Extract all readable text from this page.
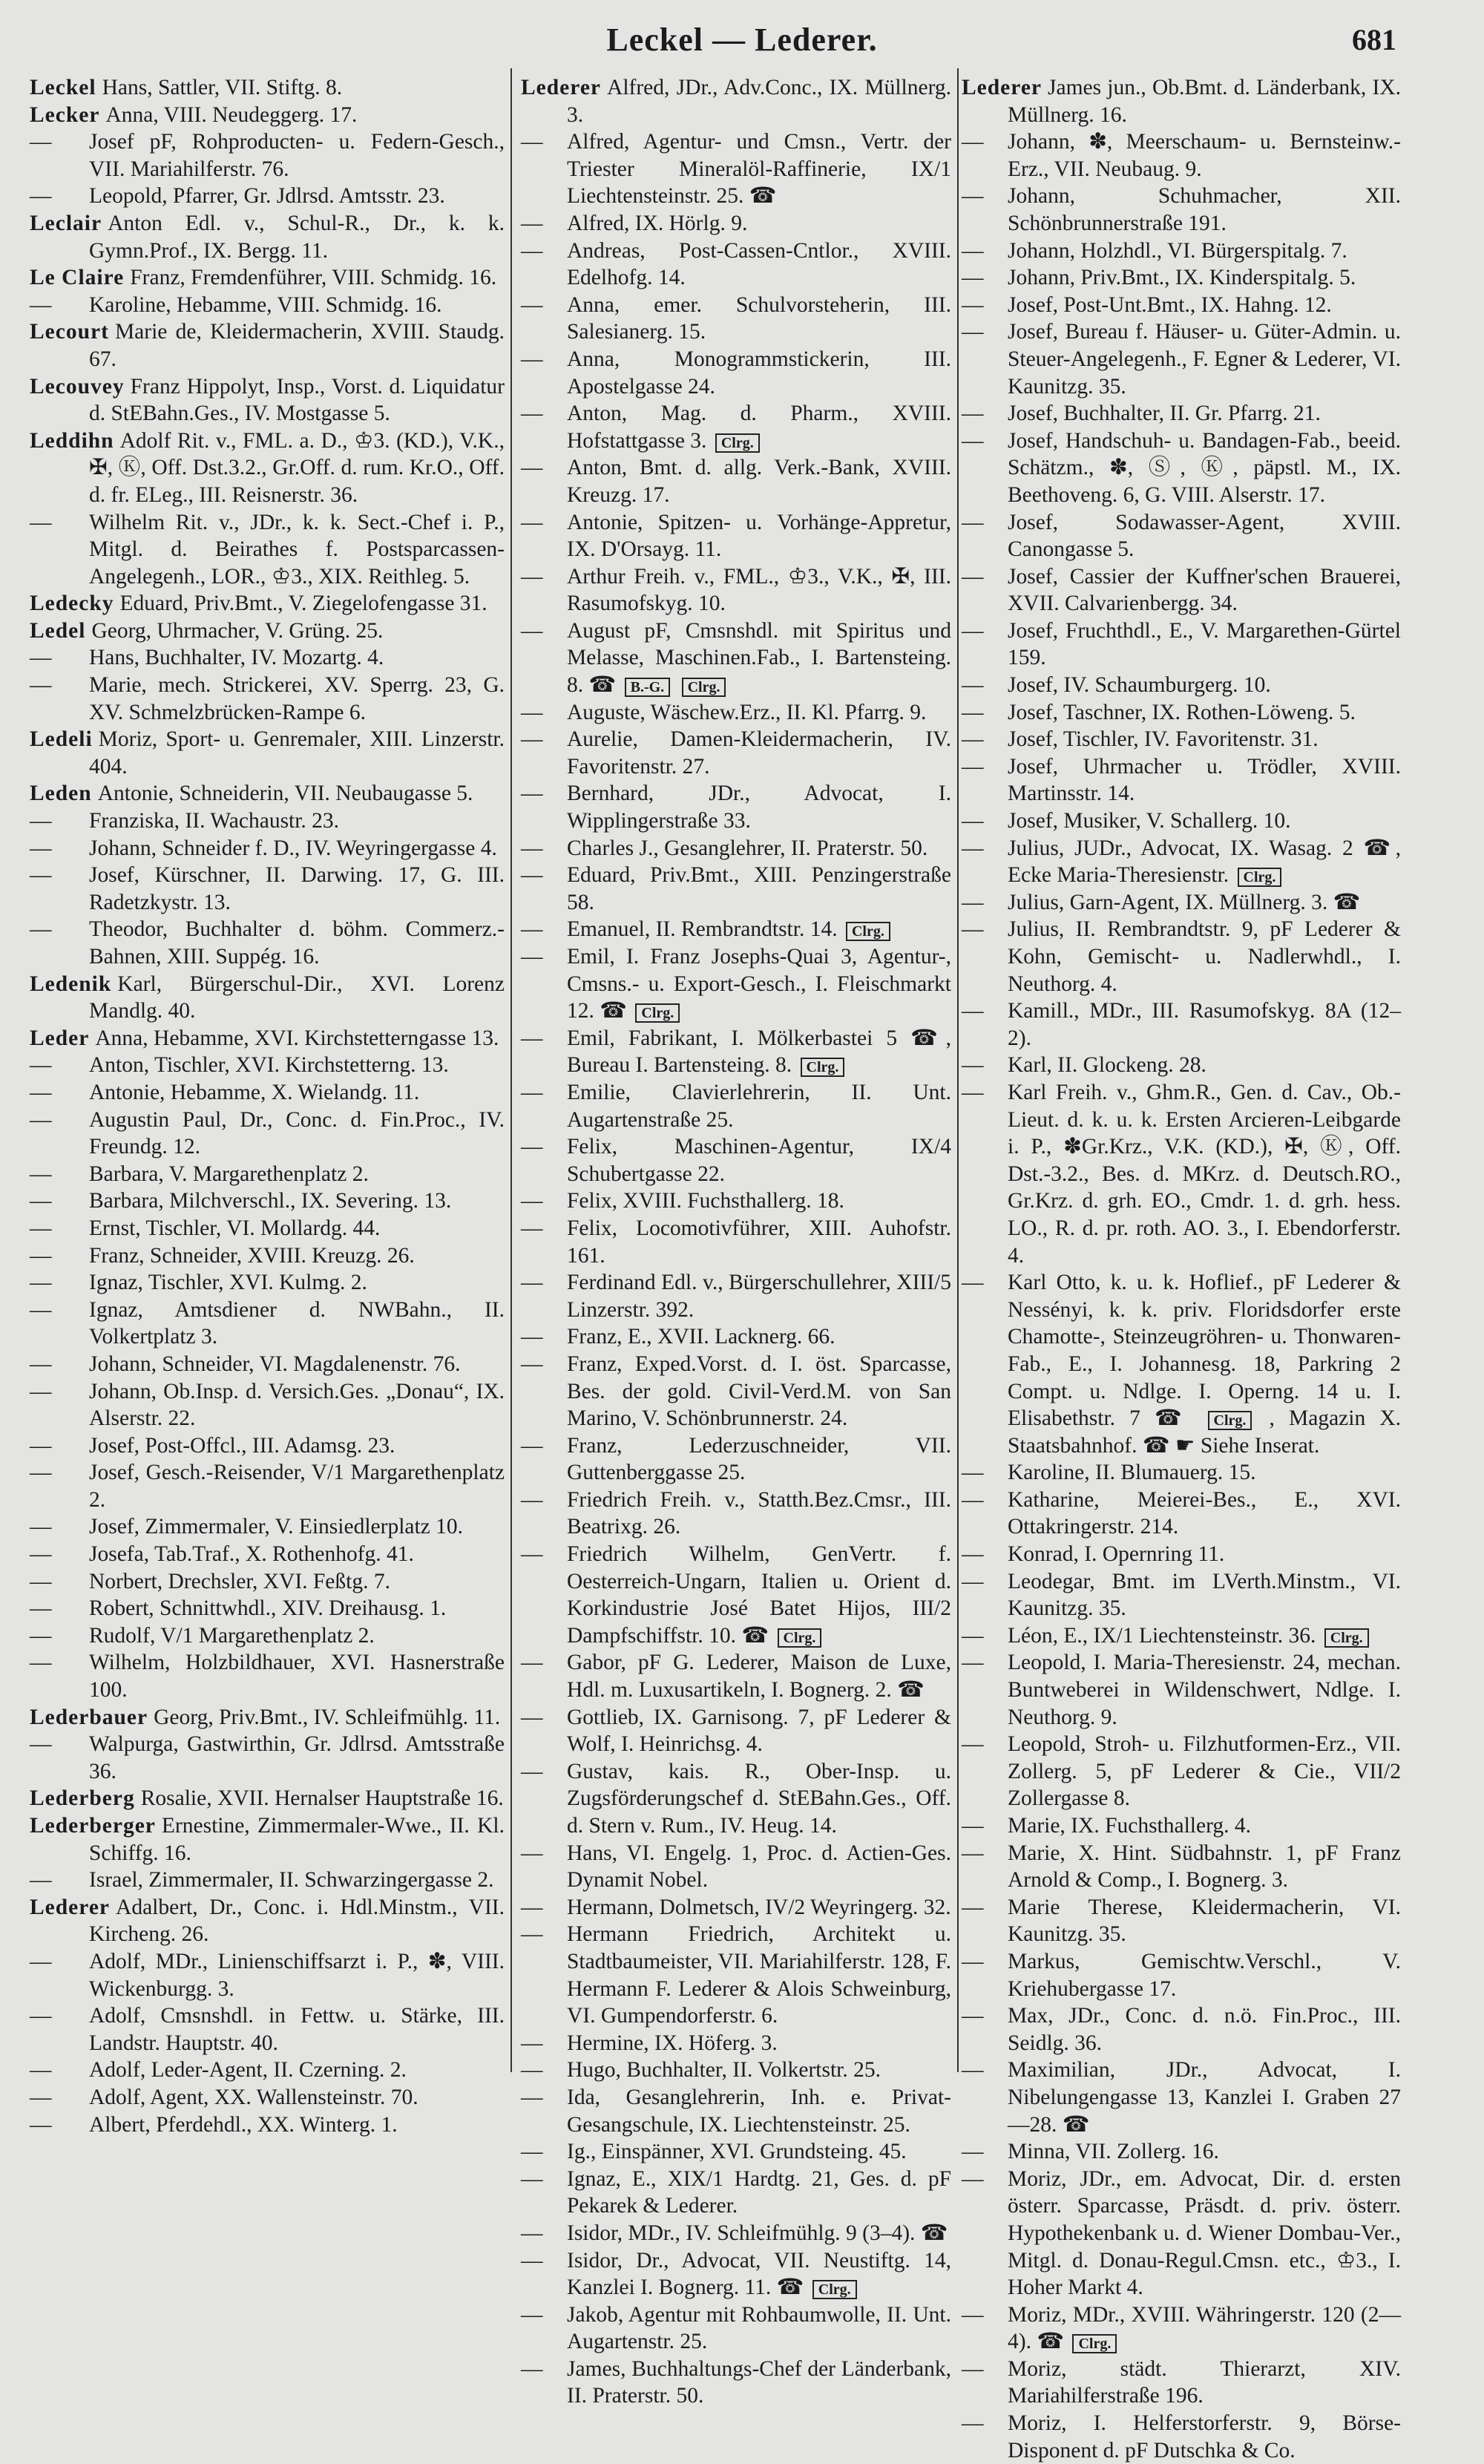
Leckel — Lederer.	681
Leckel Hans, Sattler, VII. Stiftg. 8.
Lecker Anna, VIII. Neudeggerg. 17.
— Josef pF, Rohproducten- u. Federn-Gesch., VII. Mariahilferstr. 76.
— Leopold, Pfarrer, Gr. Jdlrsd. Amtsstr. 23.
Leclair Anton Edl. v., Schul-R., Dr., k. k. Gymn.Prof., IX. Bergg. 11.
Le Claire Franz, Fremdenführer, VIII. Schmidg. 16.
— Karoline, Hebamme, VIII. Schmidg. 16.
Lecourt Marie de, Kleidermacherin, XVIII. Staudg. 67.
Lecouvey Franz Hippolyt, Insp., Vorst. d. Liquidatur d. StEBahn.Ges., IV. Mostgasse 5.
Leddihn Adolf Rit. v., FML. a. D., ♔3. (KD.), V.K., ✠, Ⓚ, Off. Dst.3.2., Gr.Off. d. rum. Kr.O., Off. d. fr. ELeg., III. Reisnerstr. 36.
— Wilhelm Rit. v., JDr., k. k. Sect.-Chef i. P., Mitgl. d. Beirathes f. Postsparcassen-Angelegenh., LOR., ♔3., XIX. Reithleg. 5.
Ledecky Eduard, Priv.Bmt., V. Ziegelofengasse 31.
Ledel Georg, Uhrmacher, V. Grüng. 25.
— Hans, Buchhalter, IV. Mozartg. 4.
— Marie, mech. Strickerei, XV. Sperrg. 23, G. XV. Schmelzbrücken-Rampe 6.
Ledeli Moriz, Sport- u. Genremaler, XIII. Linzerstr. 404.
Leden Antonie, Schneiderin, VII. Neubaugasse 5.
— Franziska, II. Wachaustr. 23.
— Johann, Schneider f. D., IV. Weyringergasse 4.
— Josef, Kürschner, II. Darwing. 17, G. III. Radetzkystr. 13.
— Theodor, Buchhalter d. böhm. Commerz.-Bahnen, XIII. Suppég. 16.
Ledenik Karl, Bürgerschul-Dir., XVI. Lorenz Mandlg. 40.
Leder Anna, Hebamme, XVI. Kirchstetterngasse 13.
— Anton, Tischler, XVI. Kirchstetterng. 13.
— Antonie, Hebamme, X. Wielandg. 11.
— Augustin Paul, Dr., Conc. d. Fin.Proc., IV. Freundg. 12.
— Barbara, V. Margarethenplatz 2.
— Barbara, Milchverschl., IX. Severing. 13.
— Ernst, Tischler, VI. Mollardg. 44.
— Franz, Schneider, XVIII. Kreuzg. 26.
— Ignaz, Tischler, XVI. Kulmg. 2.
— Ignaz, Amtsdiener d. NWBahn., II. Volkertplatz 3.
— Johann, Schneider, VI. Magdalenenstr. 76.
— Johann, Ob.Insp. d. Versich.Ges. „Donau“, IX. Alserstr. 22.
— Josef, Post-Offcl., III. Adamsg. 23.
— Josef, Gesch.-Reisender, V/1 Margarethenplatz 2.
— Josef, Zimmermaler, V. Einsiedlerplatz 10.
— Josefa, Tab.Traf., X. Rothenhofg. 41.
— Norbert, Drechsler, XVI. Feßtg. 7.
— Robert, Schnittwhdl., XIV. Dreihausg. 1.
— Rudolf, V/1 Margarethenplatz 2.
— Wilhelm, Holzbildhauer, XVI. Hasnerstraße 100.
Lederbauer Georg, Priv.Bmt., IV. Schleifmühlg. 11.
— Walpurga, Gastwirthin, Gr. Jdlrsd. Amtsstraße 36.
Lederberg Rosalie, XVII. Hernalser Hauptstraße 16.
Lederberger Ernestine, Zimmermaler-Wwe., II. Kl. Schiffg. 16.
— Israel, Zimmermaler, II. Schwarzingergasse 2.
Lederer Adalbert, Dr., Conc. i. Hdl.Minstm., VII. Kircheng. 26.
— Adolf, MDr., Linienschiffsarzt i. P., ✽, VIII. Wickenburgg. 3.
— Adolf, Cmsnshdl. in Fettw. u. Stärke, III. Landstr. Hauptstr. 40.
— Adolf, Leder-Agent, II. Czerning. 2.
— Adolf, Agent, XX. Wallensteinstr. 70.
— Albert, Pferdehdl., XX. Winterg. 1.
Lederer Alfred, JDr., Adv.Conc., IX. Müllnerg. 3.
— Alfred, Agentur- und Cmsn., Vertr. der Triester Mineralöl-Raffinerie, IX/1 Liechtensteinstr. 25. ☎
— Alfred, IX. Hörlg. 9.
— Andreas, Post-Cassen-Cntlor., XVIII. Edelhofg. 14.
— Anna, emer. Schulvorsteherin, III. Salesianerg. 15.
— Anna, Monogrammstickerin, III. Apostelgasse 24.
— Anton, Mag. d. Pharm., XVIII. Hofstattgasse 3. Clrg.
— Anton, Bmt. d. allg. Verk.-Bank, XVIII. Kreuzg. 17.
— Antonie, Spitzen- u. Vorhänge-Appretur, IX. D'Orsayg. 11.
— Arthur Freih. v., FML., ♔3., V.K., ✠, III. Rasumofskyg. 10.
— August pF, Cmsnshdl. mit Spiritus und Melasse, Maschinen.Fab., I. Bartensteing. 8. ☎ B.-G. Clrg.
— Auguste, Wäschew.Erz., II. Kl. Pfarrg. 9.
— Aurelie, Damen-Kleidermacherin, IV. Favoritenstr. 27.
— Bernhard, JDr., Advocat, I. Wipplingerstraße 33.
— Charles J., Gesanglehrer, II. Praterstr. 50.
— Eduard, Priv.Bmt., XIII. Penzingerstraße 58.
— Emanuel, II. Rembrandtstr. 14. Clrg.
— Emil, I. Franz Josephs-Quai 3, Agentur-, Cmsns.- u. Export-Gesch., I. Fleischmarkt 12. ☎ Clrg.
— Emil, Fabrikant, I. Mölkerbastei 5 ☎, Bureau I. Bartensteing. 8. Clrg.
— Emilie, Clavierlehrerin, II. Unt. Augartenstraße 25.
— Felix, Maschinen-Agentur, IX/4 Schubertgasse 22.
— Felix, XVIII. Fuchsthallerg. 18.
— Felix, Locomotivführer, XIII. Auhofstr. 161.
— Ferdinand Edl. v., Bürgerschullehrer, XIII/5 Linzerstr. 392.
— Franz, E., XVII. Lacknerg. 66.
— Franz, Exped.Vorst. d. I. öst. Sparcasse, Bes. der gold. Civil-Verd.M. von San Marino, V. Schönbrunnerstr. 24.
— Franz, Lederzuschneider, VII. Guttenberggasse 25.
— Friedrich Freih. v., Statth.Bez.Cmsr., III. Beatrixg. 26.
— Friedrich Wilhelm, GenVertr. f. Oesterreich-Ungarn, Italien u. Orient d. Korkindustrie José Batet Hijos, III/2 Dampfschiffstr. 10. ☎ Clrg.
— Gabor, pF G. Lederer, Maison de Luxe, Hdl. m. Luxusartikeln, I. Bognerg. 2. ☎
— Gottlieb, IX. Garnisong. 7, pF Lederer & Wolf, I. Heinrichsg. 4.
— Gustav, kais. R., Ober-Insp. u. Zugsförderungschef d. StEBahn.Ges., Off. d. Stern v. Rum., IV. Heug. 14.
— Hans, VI. Engelg. 1, Proc. d. Actien-Ges. Dynamit Nobel.
— Hermann, Dolmetsch, IV/2 Weyringerg. 32.
— Hermann Friedrich, Architekt u. Stadtbaumeister, VII. Mariahilferstr. 128, F. Hermann F. Lederer & Alois Schweinburg, VI. Gumpendorferstr. 6.
— Hermine, IX. Höferg. 3.
— Hugo, Buchhalter, II. Volkertstr. 25.
— Ida, Gesanglehrerin, Inh. e. Privat-Gesangschule, IX. Liechtensteinstr. 25.
— Ig., Einspänner, XVI. Grundsteing. 45.
— Ignaz, E., XIX/1 Hardtg. 21, Ges. d. pF Pekarek & Lederer.
— Isidor, MDr., IV. Schleifmühlg. 9 (3–4). ☎
— Isidor, Dr., Advocat, VII. Neustiftg. 14, Kanzlei I. Bognerg. 11. ☎ Clrg.
— Jakob, Agentur mit Rohbaumwolle, II. Unt. Augartenstr. 25.
— James, Buchhaltungs-Chef der Länderbank, II. Praterstr. 50.
Lederer James jun., Ob.Bmt. d. Länderbank, IX. Müllnerg. 16.
— Johann, ✽, Meerschaum- u. Bernsteinw.-Erz., VII. Neubaug. 9.
— Johann, Schuhmacher, XII. Schönbrunnerstraße 191.
— Johann, Holzhdl., VI. Bürgerspitalg. 7.
— Johann, Priv.Bmt., IX. Kinderspitalg. 5.
— Josef, Post-Unt.Bmt., IX. Hahng. 12.
— Josef, Bureau f. Häuser- u. Güter-Admin. u. Steuer-Angelegenh., F. Egner & Lederer, VI. Kaunitzg. 35.
— Josef, Buchhalter, II. Gr. Pfarrg. 21.
— Josef, Handschuh- u. Bandagen-Fab., beeid. Schätzm., ✽, Ⓢ, Ⓚ, päpstl. M., IX. Beethoveng. 6, G. VIII. Alserstr. 17.
— Josef, Sodawasser-Agent, XVIII. Canongasse 5.
— Josef, Cassier der Kuffner'schen Brauerei, XVII. Calvarienbergg. 34.
— Josef, Fruchthdl., E., V. Margarethen-Gürtel 159.
— Josef, IV. Schaumburgerg. 10.
— Josef, Taschner, IX. Rothen-Löweng. 5.
— Josef, Tischler, IV. Favoritenstr. 31.
— Josef, Uhrmacher u. Trödler, XVIII. Martinsstr. 14.
— Josef, Musiker, V. Schallerg. 10.
— Julius, JUDr., Advocat, IX. Wasag. 2 ☎, Ecke Maria-Theresienstr. Clrg.
— Julius, Garn-Agent, IX. Müllnerg. 3. ☎
— Julius, II. Rembrandtstr. 9, pF Lederer & Kohn, Gemischt- u. Nadlerwhdl., I. Neuthorg. 4.
— Kamill., MDr., III. Rasumofskyg. 8A (12–2).
— Karl, II. Glockeng. 28.
— Karl Freih. v., Ghm.R., Gen. d. Cav., Ob.-Lieut. d. k. u. k. Ersten Arcieren-Leibgarde i. P., ✽Gr.Krz., V.K. (KD.), ✠, Ⓚ, Off. Dst.-3.2., Bes. d. MKrz. d. Deutsch.RO., Gr.Krz. d. grh. EO., Cmdr. 1. d. grh. hess. LO., R. d. pr. roth. AO. 3., I. Ebendorferstr. 4.
— Karl Otto, k. u. k. Hoflief., pF Lederer & Nessényi, k. k. priv. Floridsdorfer erste Chamotte-, Steinzeugröhren- u. Thonwaren-Fab., E., I. Johannesg. 18, Parkring 2 Compt. u. Ndlge. I. Operng. 14 u. I. Elisabethstr. 7 ☎ Clrg. , Magazin X. Staatsbahnhof. ☎ ☛ Siehe Inserat.
— Karoline, II. Blumauerg. 15.
— Katharine, Meierei-Bes., E., XVI. Ottakringerstr. 214.
— Konrad, I. Opernring 11.
— Leodegar, Bmt. im LVerth.Minstm., VI. Kaunitzg. 35.
— Léon, E., IX/1 Liechtensteinstr. 36. Clrg.
— Leopold, I. Maria-Theresienstr. 24, mechan. Buntweberei in Wildenschwert, Ndlge. I. Neuthorg. 9.
— Leopold, Stroh- u. Filzhutformen-Erz., VII. Zollerg. 5, pF Lederer & Cie., VII/2 Zollergasse 8.
— Marie, IX. Fuchsthallerg. 4.
— Marie, X. Hint. Südbahnstr. 1, pF Franz Arnold & Comp., I. Bognerg. 3.
— Marie Therese, Kleidermacherin, VI. Kaunitzg. 35.
— Markus, Gemischtw.Verschl., V. Kriehubergasse 17.
— Max, JDr., Conc. d. n.ö. Fin.Proc., III. Seidlg. 36.
— Maximilian, JDr., Advocat, I. Nibelungengasse 13, Kanzlei I. Graben 27—28. ☎
— Minna, VII. Zollerg. 16.
— Moriz, JDr., em. Advocat, Dir. d. ersten österr. Sparcasse, Präsdt. d. priv. österr. Hypothekenbank u. d. Wiener Dombau-Ver., Mitgl. d. Donau-Regul.Cmsn. etc., ♔3., I. Hoher Markt 4.
— Moriz, MDr., XVIII. Währingerstr. 120 (2—4). ☎ Clrg.
— Moriz, städt. Thierarzt, XIV. Mariahilferstraße 196.
— Moriz, I. Helferstorferstr. 9, Börse-Disponent d. pF Dutschka & Co.
